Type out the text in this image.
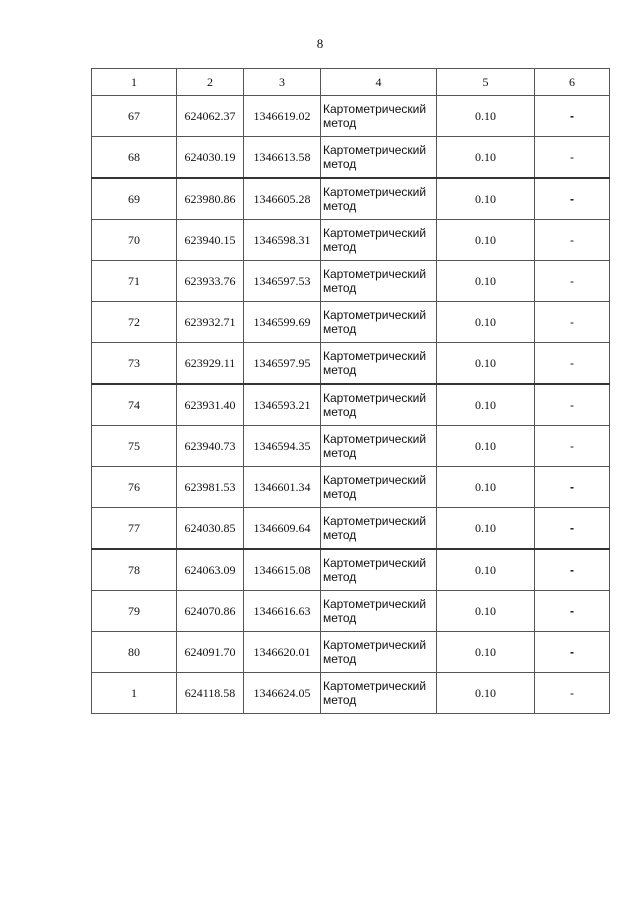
8
1	2	3	4	5	6
67	624062.37	1346619.02	Картометрический
метод	0.10	-
68	624030.19	1346613.58	Картометрический
метод	0.10	-
69	623980.86	1346605.28	Картометрический
метод	0.10	-
70	623940.15	1346598.31	Картометрический
метод	0.10	-
71	623933.76	1346597.53	Картометрический
метод	0.10	-
72	623932.71	1346599.69	Картометрический
метод	0.10	-
73	623929.11	1346597.95	Картометрический
метод	0.10	-
74	623931.40	1346593.21	Картометрический
метод	0.10	-
75	623940.73	1346594.35	Картометрический
метод	0.10	-
76	623981.53	1346601.34	Картометрический
метод	0.10	-
77	624030.85	1346609.64	Картометрический
метод	0.10	-
78	624063.09	1346615.08	Картометрический
метод	0.10	-
79	624070.86	1346616.63	Картометрический
метод	0.10	-
80	624091.70	1346620.01	Картометрический
метод	0.10	-
1	624118.58	1346624.05	Картометрический
метод	0.10	-
